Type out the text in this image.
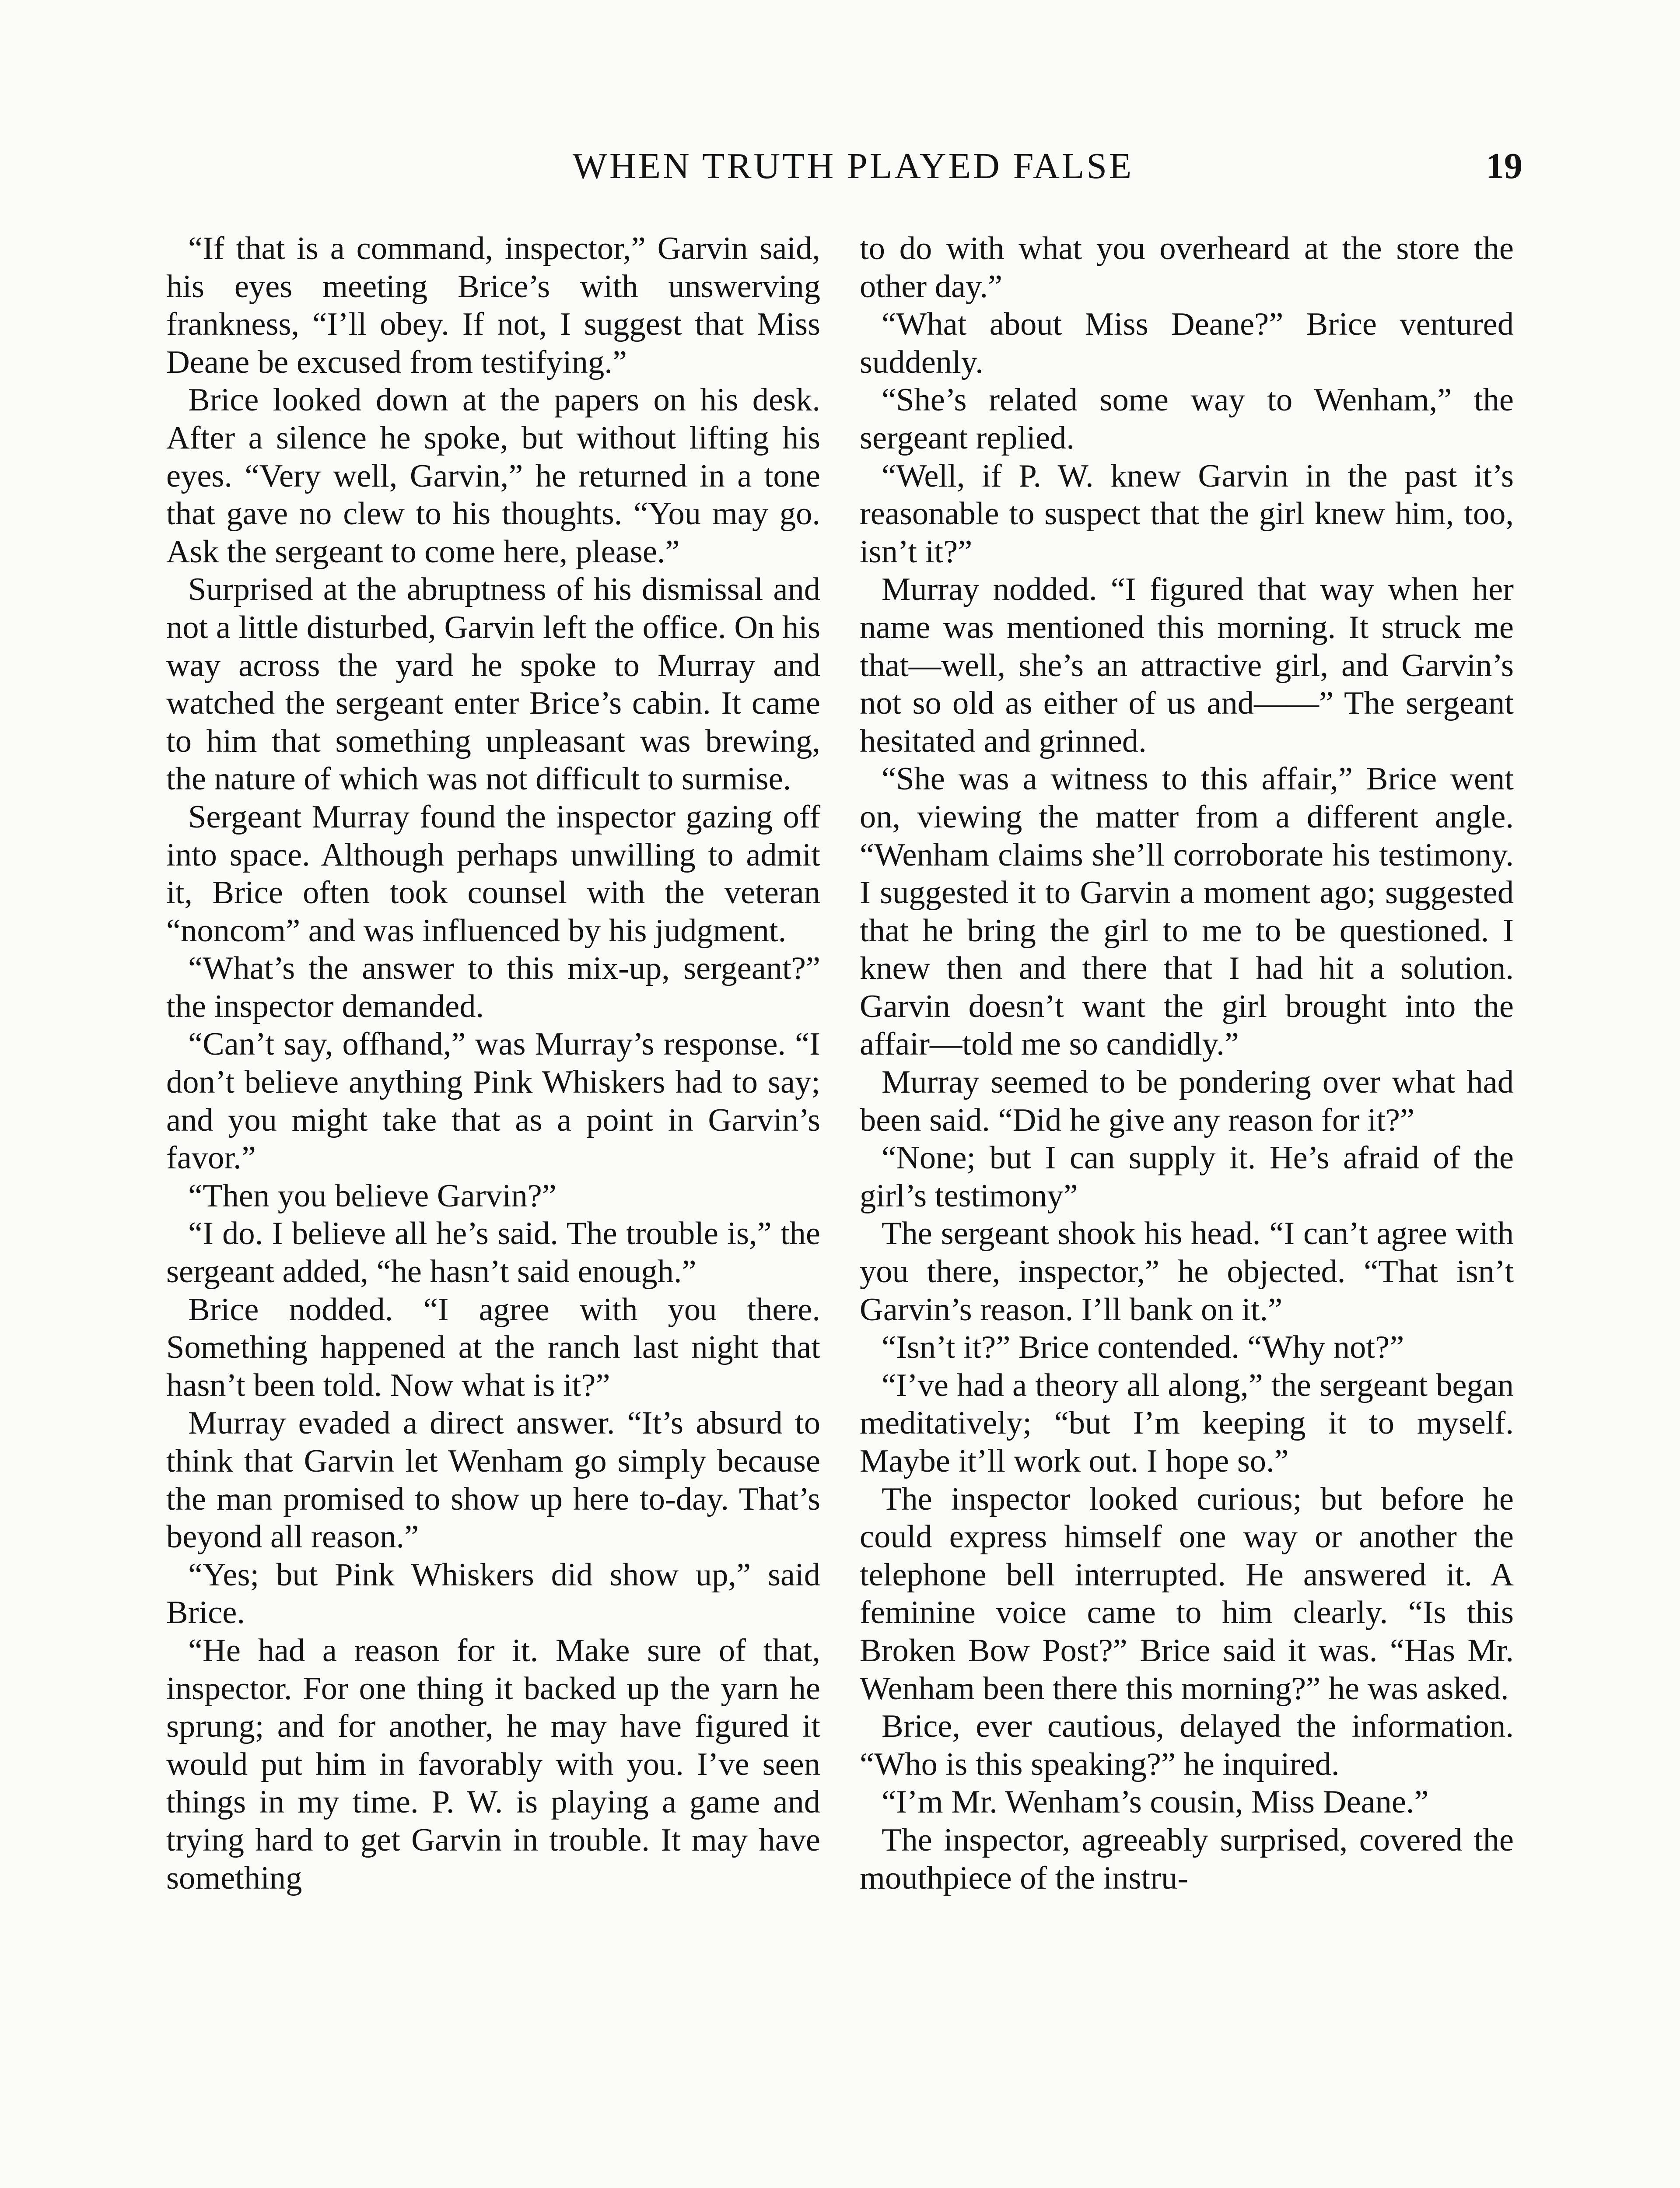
WHEN TRUTH PLAYED FALSE	19

“If that is a command, inspector,” Garvin said, his eyes meeting Brice’s with unswerving frankness, “I’ll obey. If not, I suggest that Miss Deane be excused from testifying.”

Brice looked down at the papers on his desk. After a silence he spoke, but without lifting his eyes. “Very well, Garvin,” he returned in a tone that gave no clew to his thoughts. “You may go. Ask the sergeant to come here, please.”

Surprised at the abruptness of his dismissal and not a little disturbed, Garvin left the office. On his way across the yard he spoke to Murray and watched the sergeant enter Brice’s cabin. It came to him that something unpleasant was brewing, the nature of which was not difficult to surmise.

Sergeant Murray found the inspector gazing off into space. Although perhaps unwilling to admit it, Brice often took counsel with the veteran “noncom” and was influenced by his judgment.

“What’s the answer to this mix-up, sergeant?” the inspector demanded.

“Can’t say, offhand,” was Murray’s response. “I don’t believe anything Pink Whiskers had to say; and you might take that as a point in Garvin’s favor.”

“Then you believe Garvin?”

“I do. I believe all he’s said. The trouble is,” the sergeant added, “he hasn’t said enough.”

Brice nodded. “I agree with you there. Something happened at the ranch last night that hasn’t been told. Now what is it?”

Murray evaded a direct answer. “It’s absurd to think that Garvin let Wenham go simply because the man promised to show up here to-day. That’s beyond all reason.”

“Yes; but Pink Whiskers did show up,” said Brice.

“He had a reason for it. Make sure of that, inspector. For one thing it backed up the yarn he sprung; and for another, he may have figured it would put him in favorably with you. I’ve seen things in my time. P. W. is playing a game and trying hard to get Garvin in trouble. It may have something

to do with what you overheard at the store the other day.”

“What about Miss Deane?” Brice ventured suddenly.

“She’s related some way to Wenham,” the sergeant replied.

“Well, if P. W. knew Garvin in the past it’s reasonable to suspect that the girl knew him, too, isn’t it?”

Murray nodded. “I figured that way when her name was mentioned this morning. It struck me that—well, she’s an attractive girl, and Garvin’s not so old as either of us and——” The sergeant hesitated and grinned.

“She was a witness to this affair,” Brice went on, viewing the matter from a different angle. “Wenham claims she’ll corroborate his testimony. I suggested it to Garvin a moment ago; suggested that he bring the girl to me to be questioned. I knew then and there that I had hit a solution. Garvin doesn’t want the girl brought into the affair—told me so candidly.”

Murray seemed to be pondering over what had been said. “Did he give any reason for it?”

“None; but I can supply it. He’s afraid of the girl’s testimony”

The sergeant shook his head. “I can’t agree with you there, inspector,” he objected. “That isn’t Garvin’s reason. I’ll bank on it.”

“Isn’t it?” Brice contended. “Why not?”

“I’ve had a theory all along,” the sergeant began meditatively; “but I’m keeping it to myself. Maybe it’ll work out. I hope so.”

The inspector looked curious; but before he could express himself one way or another the telephone bell interrupted. He answered it. A feminine voice came to him clearly. “Is this Broken Bow Post?” Brice said it was. “Has Mr. Wenham been there this morning?” he was asked.

Brice, ever cautious, delayed the information. “Who is this speaking?” he inquired.

“I’m Mr. Wenham’s cousin, Miss Deane.”

The inspector, agreeably surprised, covered the mouthpiece of the instru-
